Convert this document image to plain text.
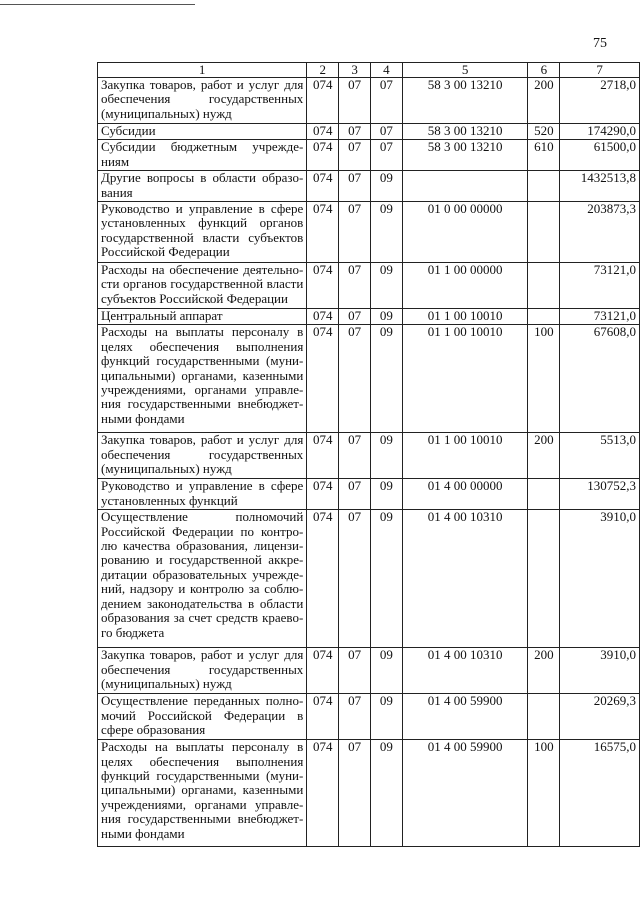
75
1	2	3	4	5	6	7
Закупка товаров, работ и услуг для обеспечения государственных (муниципальных) нужд	074	07	07	58 3 00 13210	200	2718,0
Субсидии	074	07	07	58 3 00 13210	520	174290,0
Субсидии бюджетным учрежде-ниям	074	07	07	58 3 00 13210	610	61500,0
Другие вопросы в области образо-вания	074	07	09			1432513,8
Руководство и управление в сфере установленных функций органов государственной власти субъектов Российской Федерации	074	07	09	01 0 00 00000		203873,3
Расходы на обеспечение деятельно-сти органов государственной власти субъектов Российской Федерации	074	07	09	01 1 00 00000		73121,0
Центральный аппарат	074	07	09	01 1 00 10010		73121,0
Расходы на выплаты персоналу в целях обеспечения выполнения функций государственными (муни-ципальными) органами, казенными учреждениями, органами управле-ния государственными внебюджет-ными фондами	074	07	09	01 1 00 10010	100	67608,0
Закупка товаров, работ и услуг для обеспечения государственных (муниципальных) нужд	074	07	09	01 1 00 10010	200	5513,0
Руководство и управление в сфере установленных функций	074	07	09	01 4 00 00000		130752,3
Осуществление полномочий Российской Федерации по контро-лю качества образования, лицензи-рованию и государственной аккре-дитации образовательных учрежде-ний, надзору и контролю за соблю-дением законодательства в области образования за счет средств краево-го бюджета	074	07	09	01 4 00 10310		3910,0
Закупка товаров, работ и услуг для обеспечения государственных (муниципальных) нужд	074	07	09	01 4 00 10310	200	3910,0
Осуществление переданных полно-мочий Российской Федерации в сфере образования	074	07	09	01 4 00 59900		20269,3
Расходы на выплаты персоналу в целях обеспечения выполнения функций государственными (муни-ципальными) органами, казенными учреждениями, органами управле-ния государственными внебюджет-ными фондами	074	07	09	01 4 00 59900	100	16575,0
